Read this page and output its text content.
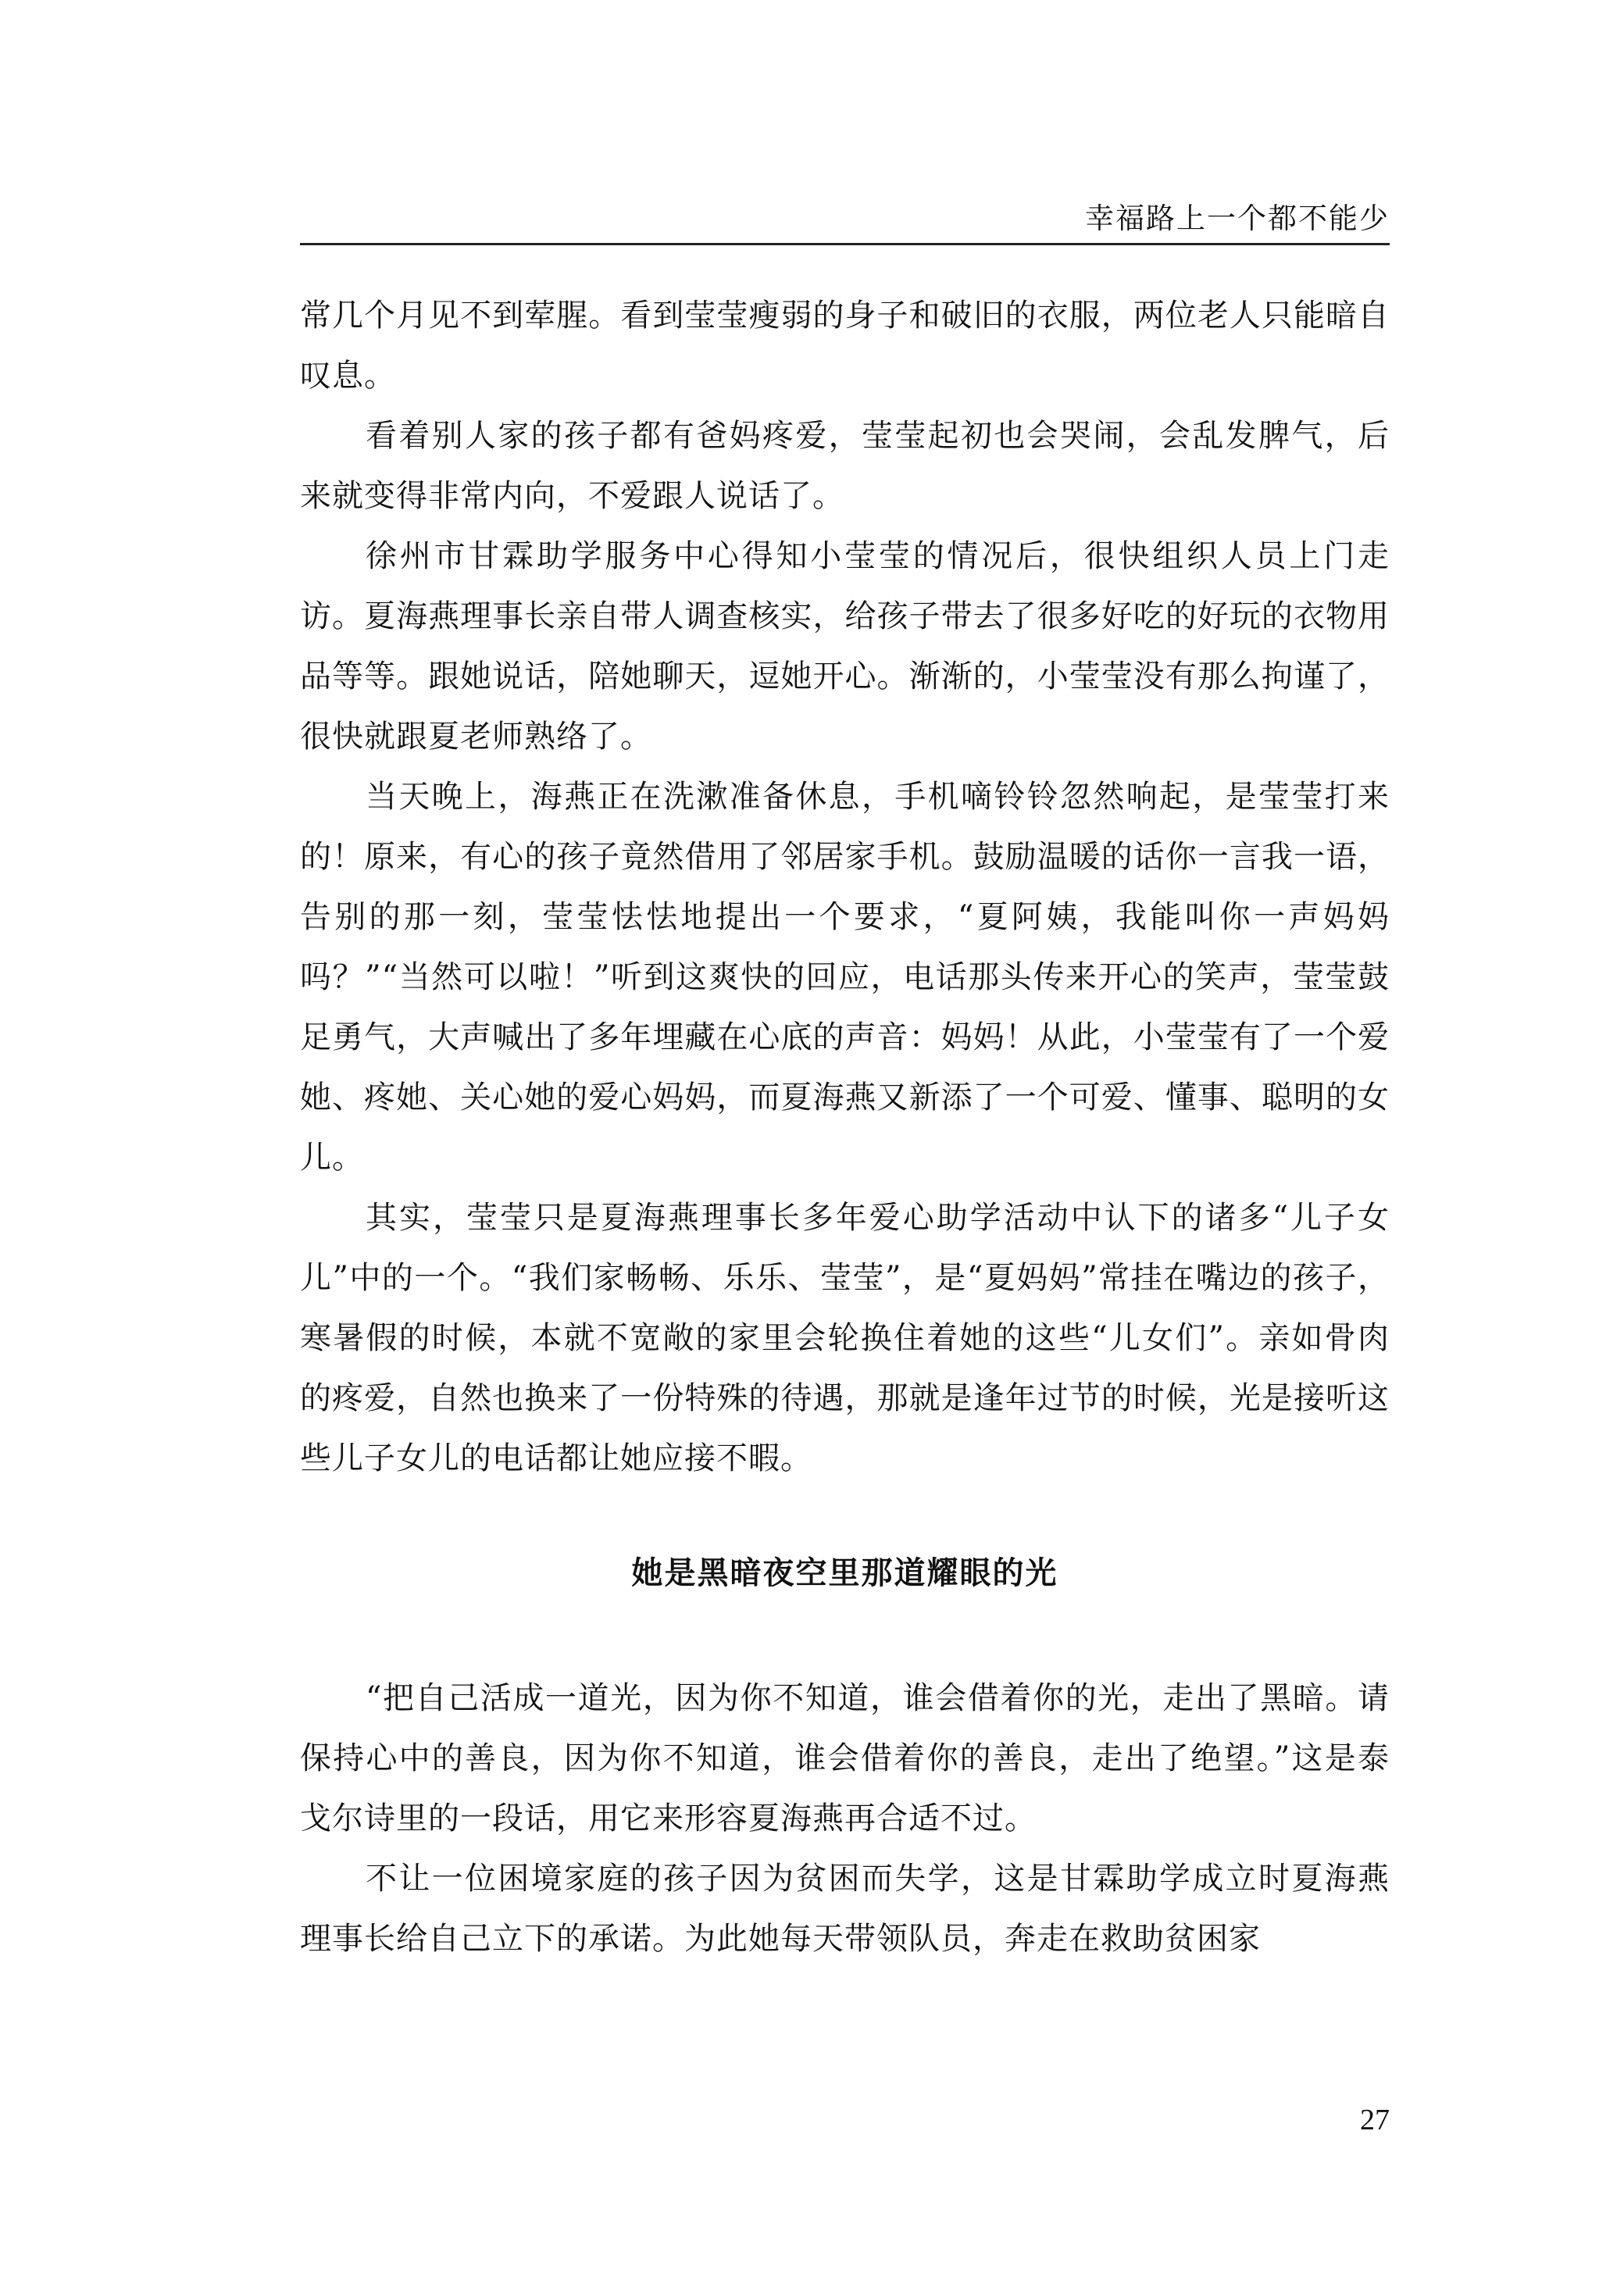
幸福路上一个都不能少

常几个月见不到荤腥。看到莹莹瘦弱的身子和破旧的衣服，两位老人只能暗自叹息。

看着别人家的孩子都有爸妈疼爱，莹莹起初也会哭闹，会乱发脾气，后来就变得非常内向，不爱跟人说话了。

徐州市甘霖助学服务中心得知小莹莹的情况后，很快组织人员上门走访。夏海燕理事长亲自带人调查核实，给孩子带去了很多好吃的好玩的衣物用品等等。跟她说话，陪她聊天，逗她开心。渐渐的，小莹莹没有那么拘谨了，很快就跟夏老师熟络了。

当天晚上，海燕正在洗漱准备休息，手机嘀铃铃忽然响起，是莹莹打来的！原来，有心的孩子竟然借用了邻居家手机。鼓励温暖的话你一言我一语，告别的那一刻，莹莹怯怯地提出一个要求，“夏阿姨，我能叫你一声妈妈吗？”“当然可以啦！”听到这爽快的回应，电话那头传来开心的笑声，莹莹鼓足勇气，大声喊出了多年埋藏在心底的声音：妈妈！从此，小莹莹有了一个爱她、疼她、关心她的爱心妈妈，而夏海燕又新添了一个可爱、懂事、聪明的女儿。

其实，莹莹只是夏海燕理事长多年爱心助学活动中认下的诸多“儿子女儿”中的一个。“我们家畅畅、乐乐、莹莹”，是“夏妈妈”常挂在嘴边的孩子，寒暑假的时候，本就不宽敞的家里会轮换住着她的这些“儿女们”。亲如骨肉的疼爱，自然也换来了一份特殊的待遇，那就是逢年过节的时候，光是接听这些儿子女儿的电话都让她应接不暇。

她是黑暗夜空里那道耀眼的光

“把自己活成一道光，因为你不知道，谁会借着你的光，走出了黑暗。请保持心中的善良，因为你不知道，谁会借着你的善良，走出了绝望。”这是泰戈尔诗里的一段话，用它来形容夏海燕再合适不过。

不让一位困境家庭的孩子因为贫困而失学，这是甘霖助学成立时夏海燕理事长给自己立下的承诺。为此她每天带领队员，奔走在救助贫困家

27
